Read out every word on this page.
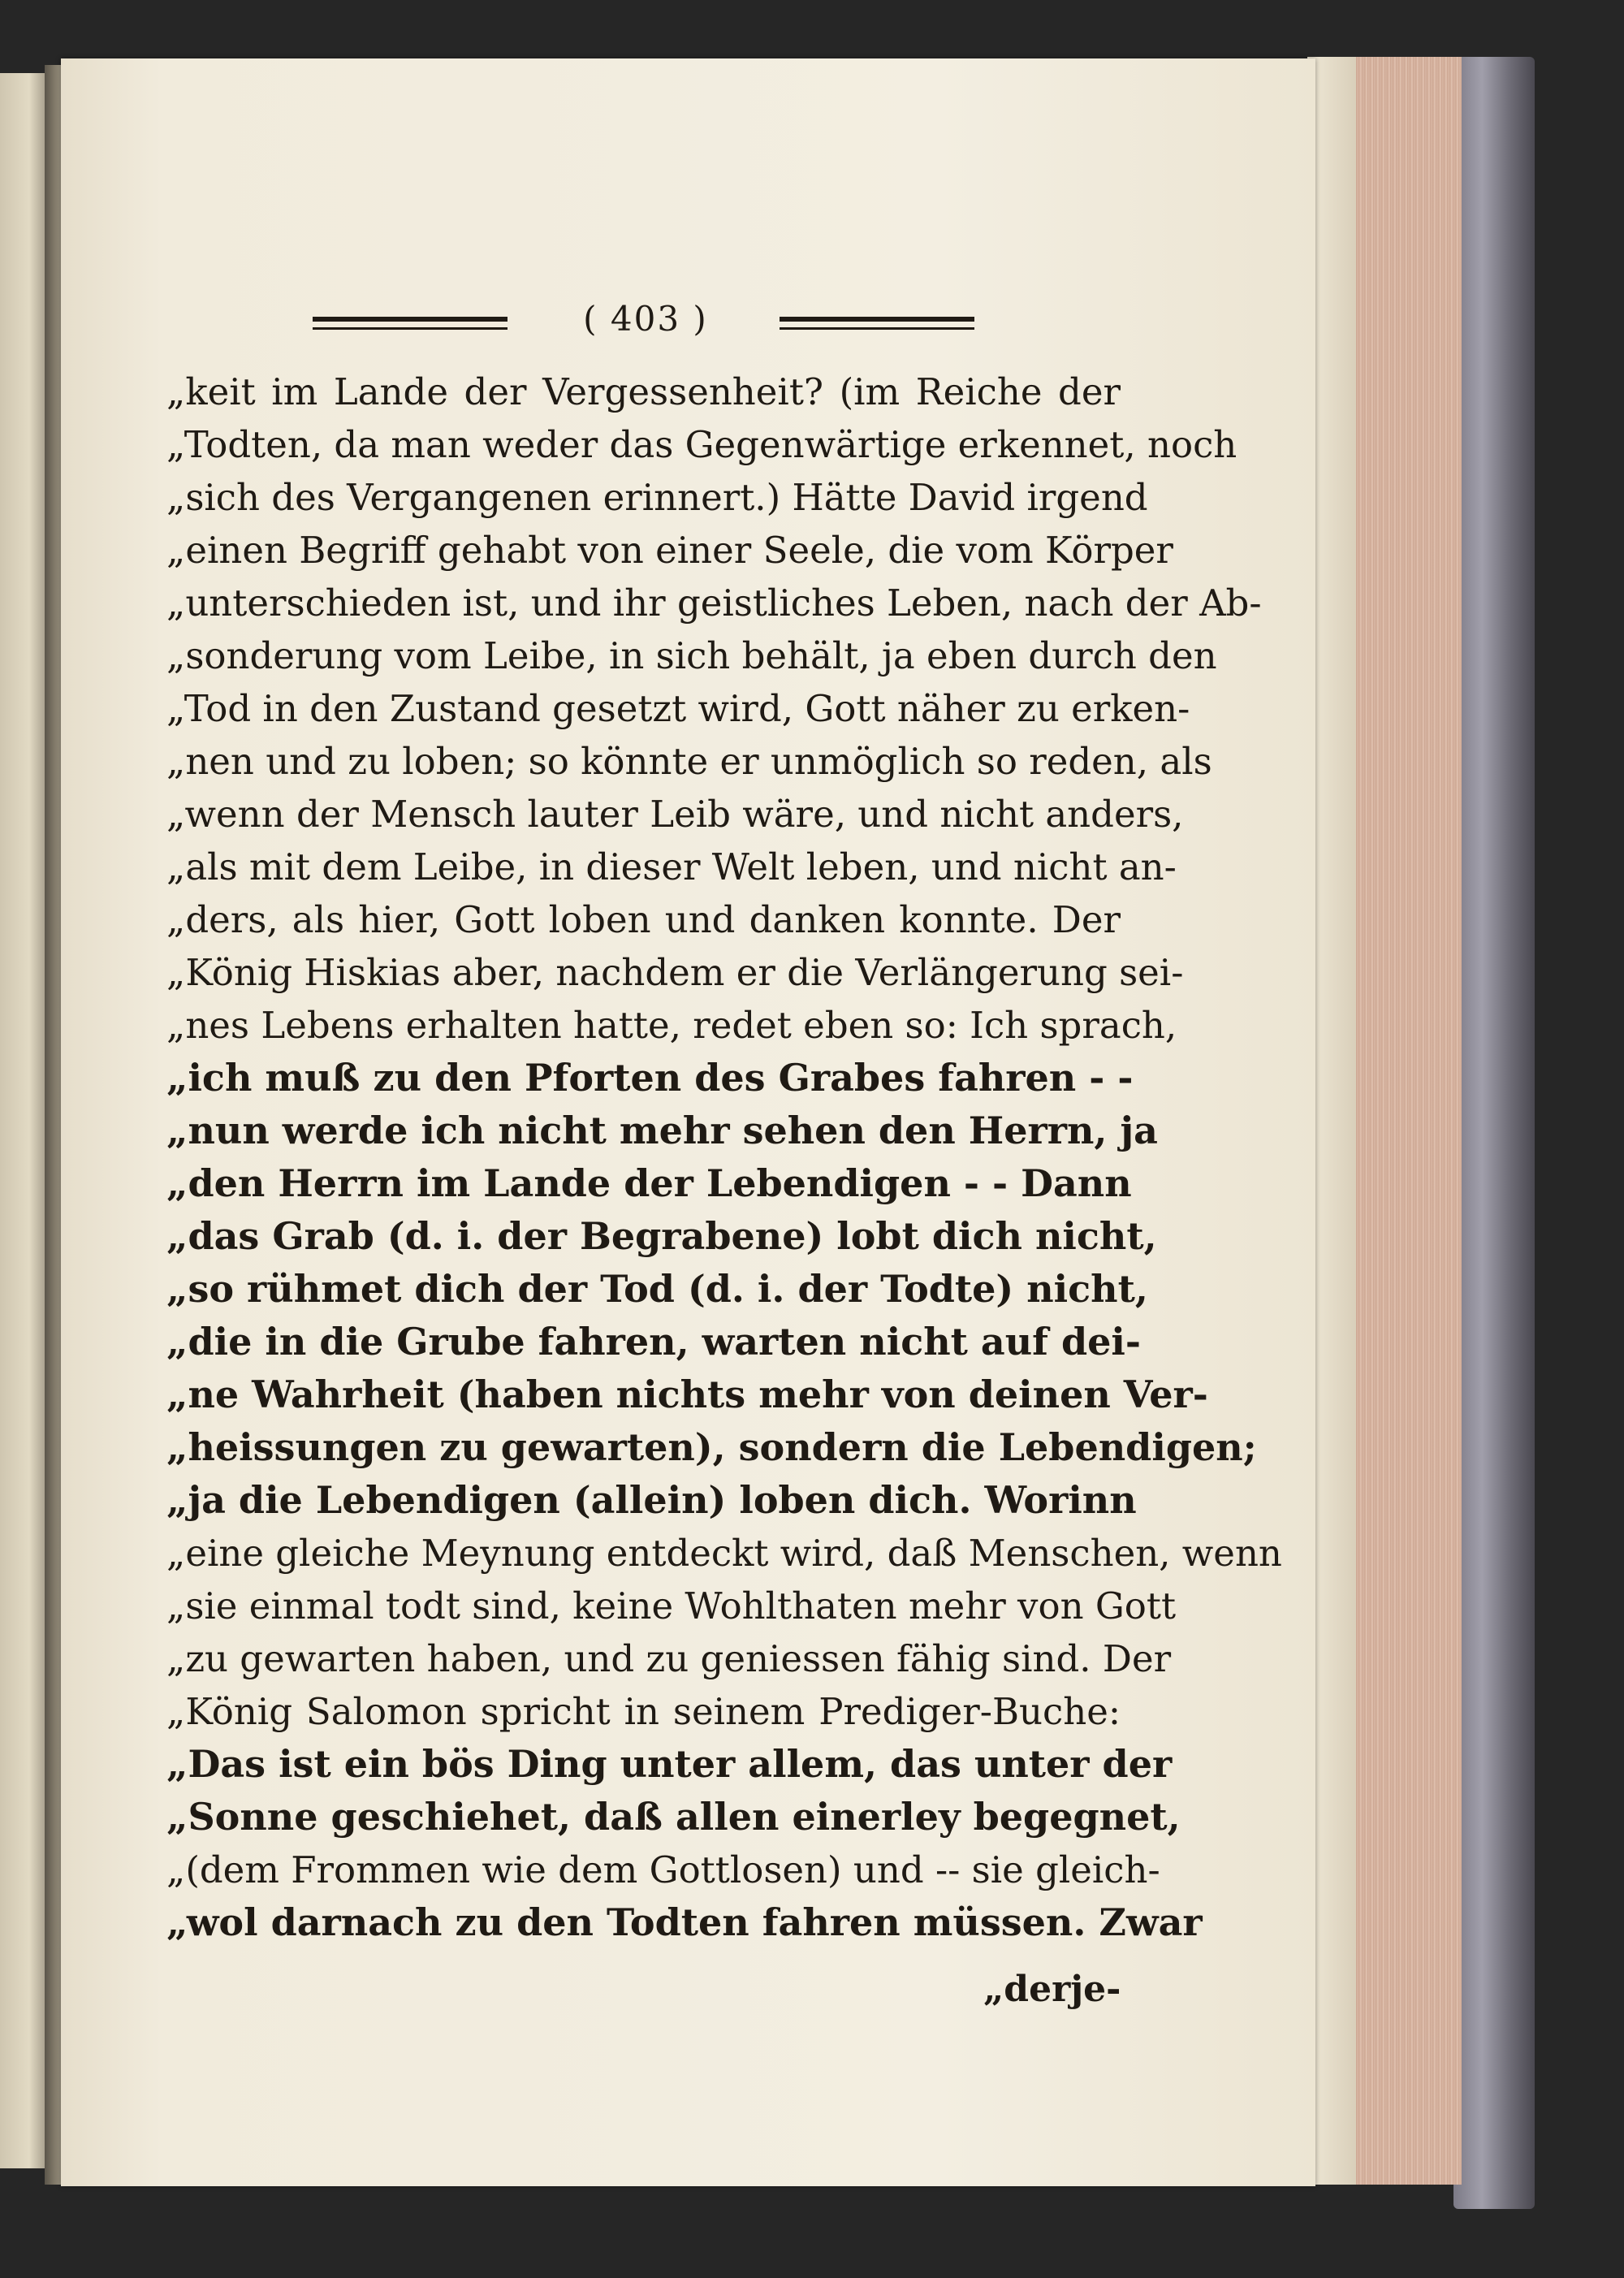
( 403 )
„keit im Lande der Vergessenheit? (im Reiche der
„Todten, da man weder das Gegenwärtige erkennet, noch
„sich des Vergangenen erinnert.) Hätte David irgend
„einen Begriff gehabt von einer Seele, die vom Körper
„unterschieden ist, und ihr geistliches Leben, nach der Ab-
„sonderung vom Leibe, in sich behält, ja eben durch den
„Tod in den Zustand gesetzt wird, Gott näher zu erken-
„nen und zu loben; so könnte er unmöglich so reden, als
„wenn der Mensch lauter Leib wäre, und nicht anders,
„als mit dem Leibe, in dieser Welt leben, und nicht an-
„ders, als hier, Gott loben und danken konnte. Der
„König Hiskias aber, nachdem er die Verlängerung sei-
„nes Lebens erhalten hatte, redet eben so: Ich sprach,
„ich muß zu den Pforten des Grabes fahren - -
„nun werde ich nicht mehr sehen den Herrn, ja
„den Herrn im Lande der Lebendigen - - Dann
„das Grab (d. i. der Begrabene) lobt dich nicht,
„so rühmet dich der Tod (d. i. der Todte) nicht,
„die in die Grube fahren, warten nicht auf dei-
„ne Wahrheit (haben nichts mehr von deinen Ver-
„heissungen zu gewarten), sondern die Lebendigen;
„ja die Lebendigen (allein) loben dich. Worinn
„eine gleiche Meynung entdeckt wird, daß Menschen, wenn
„sie einmal todt sind, keine Wohlthaten mehr von Gott
„zu gewarten haben, und zu geniessen fähig sind. Der
„König Salomon spricht in seinem Prediger-Buche:
„Das ist ein bös Ding unter allem, das unter der
„Sonne geschiehet, daß allen einerley begegnet,
„(dem Frommen wie dem Gottlosen) und -- sie gleich-
„wol darnach zu den Todten fahren müssen. Zwar
„derje-
